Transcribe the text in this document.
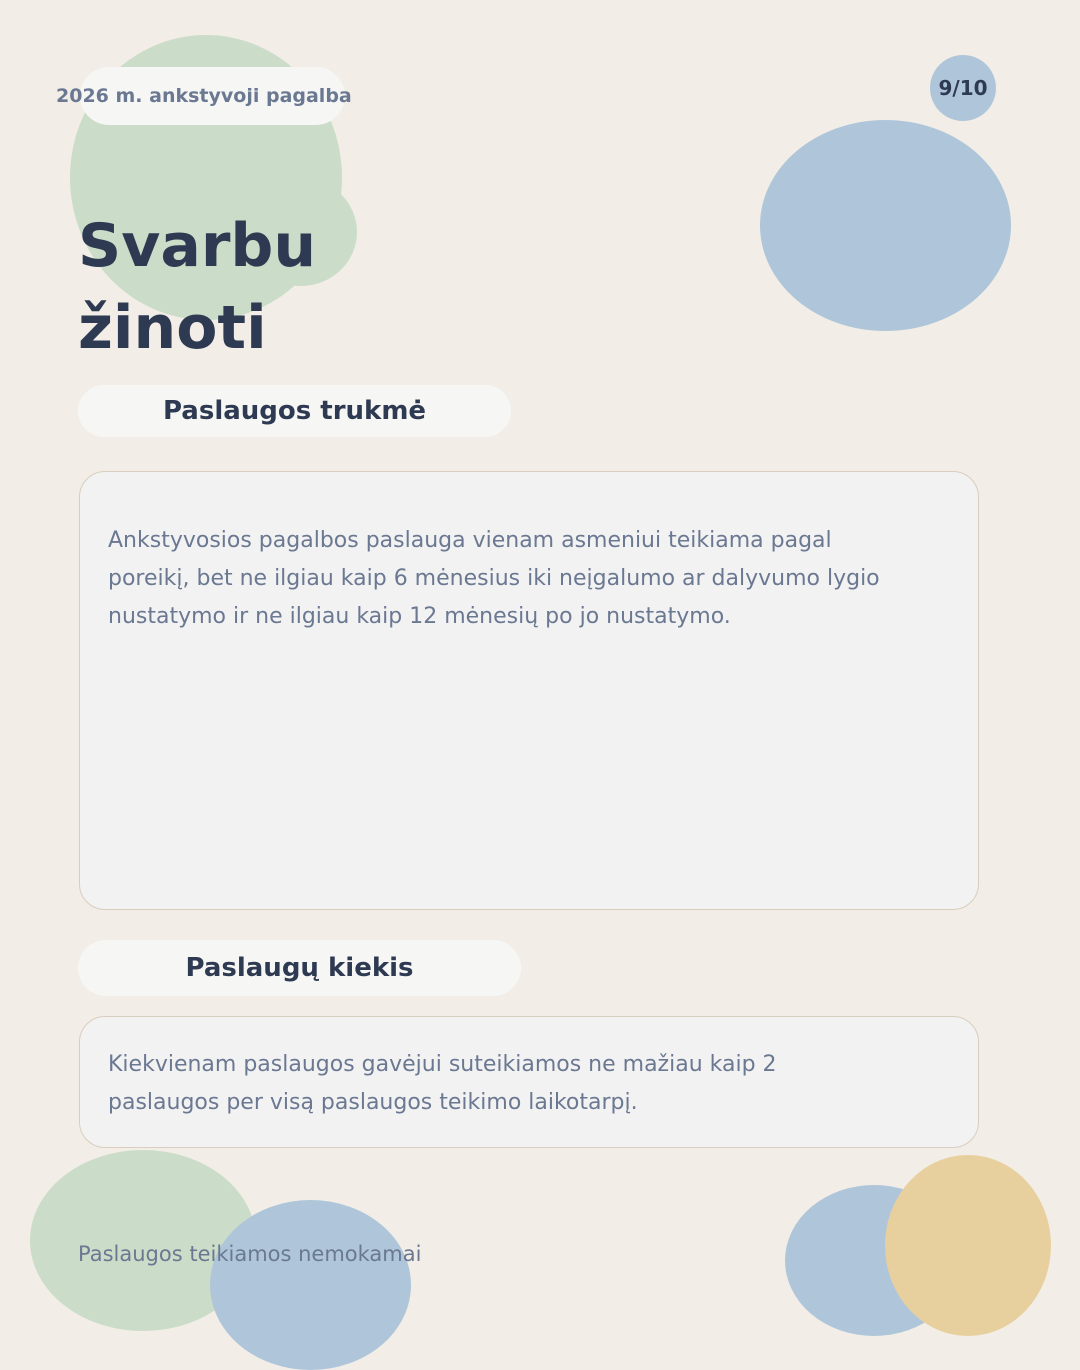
2026 m. ankstyvoji pagalba	9/10
Svarbu
žinoti
Paslaugos trukmė
Ankstyvosios pagalbos paslauga vienam asmeniui teikiama pagal poreikį, bet ne ilgiau kaip 6 mėnesius iki neįgalumo ar dalyvumo lygio nustatymo ir ne ilgiau kaip 12 mėnesių po jo nustatymo.
Paslaugų kiekis
Kiekvienam paslaugos gavėjui suteikiamos ne mažiau kaip 2 paslaugos per visą paslaugos teikimo laikotarpį.
Paslaugos teikiamos nemokamai
